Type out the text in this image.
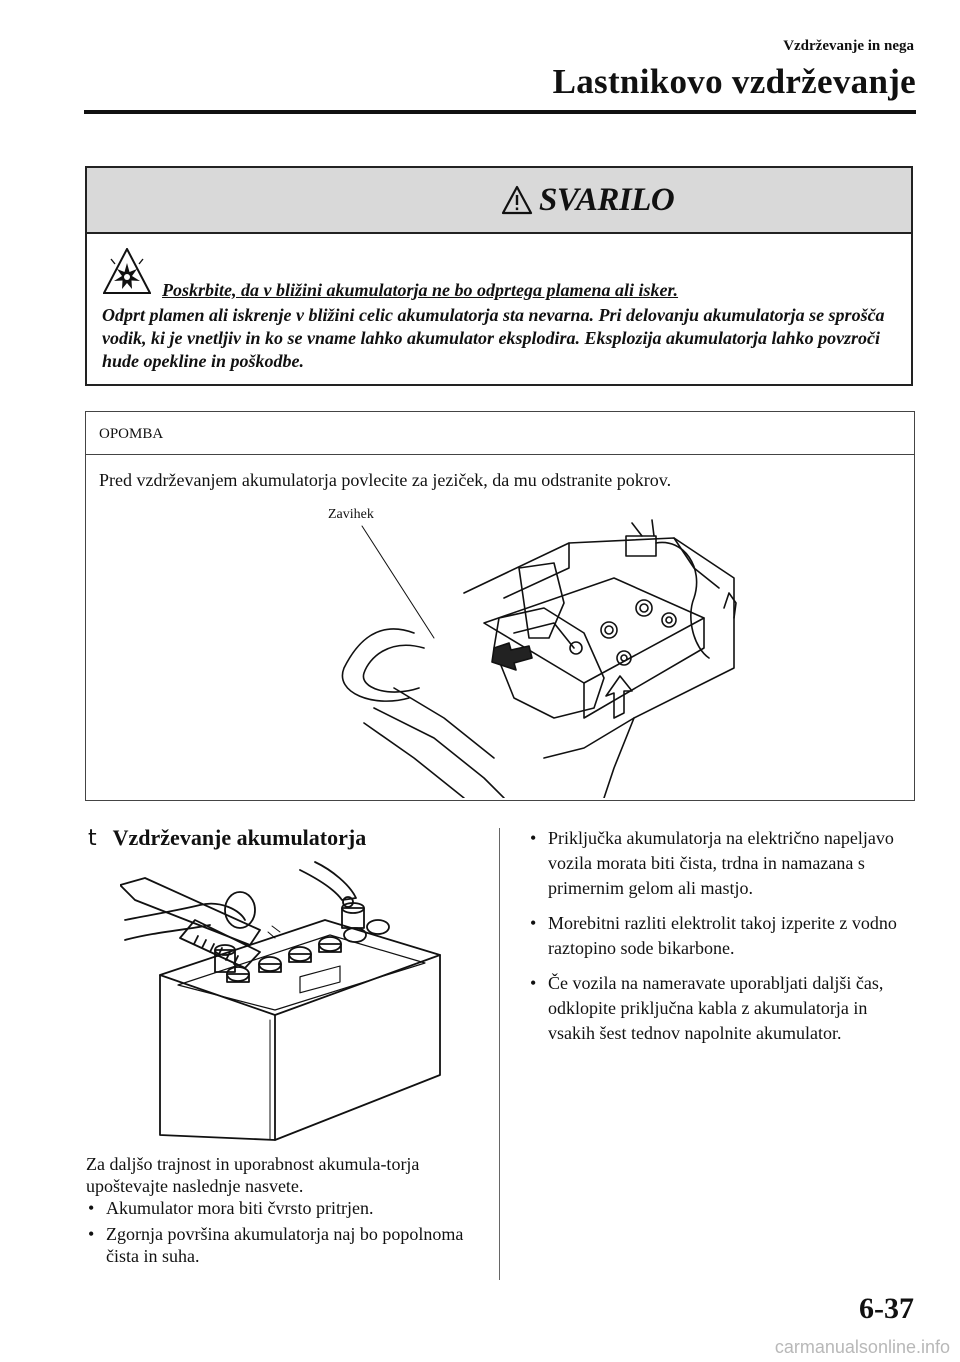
Vzdrževanje in nega
Lastnikovo vzdrževanje
SVARILO
Poskrbite, da v bližini akumulatorja ne bo odprtega plamena ali isker.
Odprt plamen ali iskrenje v bližini celic akumulatorja sta nevarna. Pri delovanju akumulatorja se sprošča vodik, ki je vnetljiv in ko se vname lahko akumulator eksplodira. Eksplozija akumulatorja lahko povzroči hude opekline in poškodbe.
OPOMBA
Pred vzdrževanjem akumulatorja povlecite za jeziček, da mu odstranite pokrov.
Zavihek
t Vzdrževanje akumulatorja
Za daljšo trajnost in uporabnost akumula-torja upoštevajte naslednje nasvete.
• Akumulator mora biti čvrsto pritrjen.
• Zgornja površina akumulatorja naj bo popolnoma čista in suha.
• Priključka akumulatorja na električno napeljavo vozila morata biti čista, trdna in namazana s primernim gelom ali mastjo.
• Morebitni razliti elektrolit takoj izperite z vodno raztopino sode bikarbone.
• Če vozila na nameravate uporabljati daljši čas, odklopite priključna kabla z akumulatorja in vsakih šest tednov napolnite akumulator.
6-37
carmanualsonline.info
